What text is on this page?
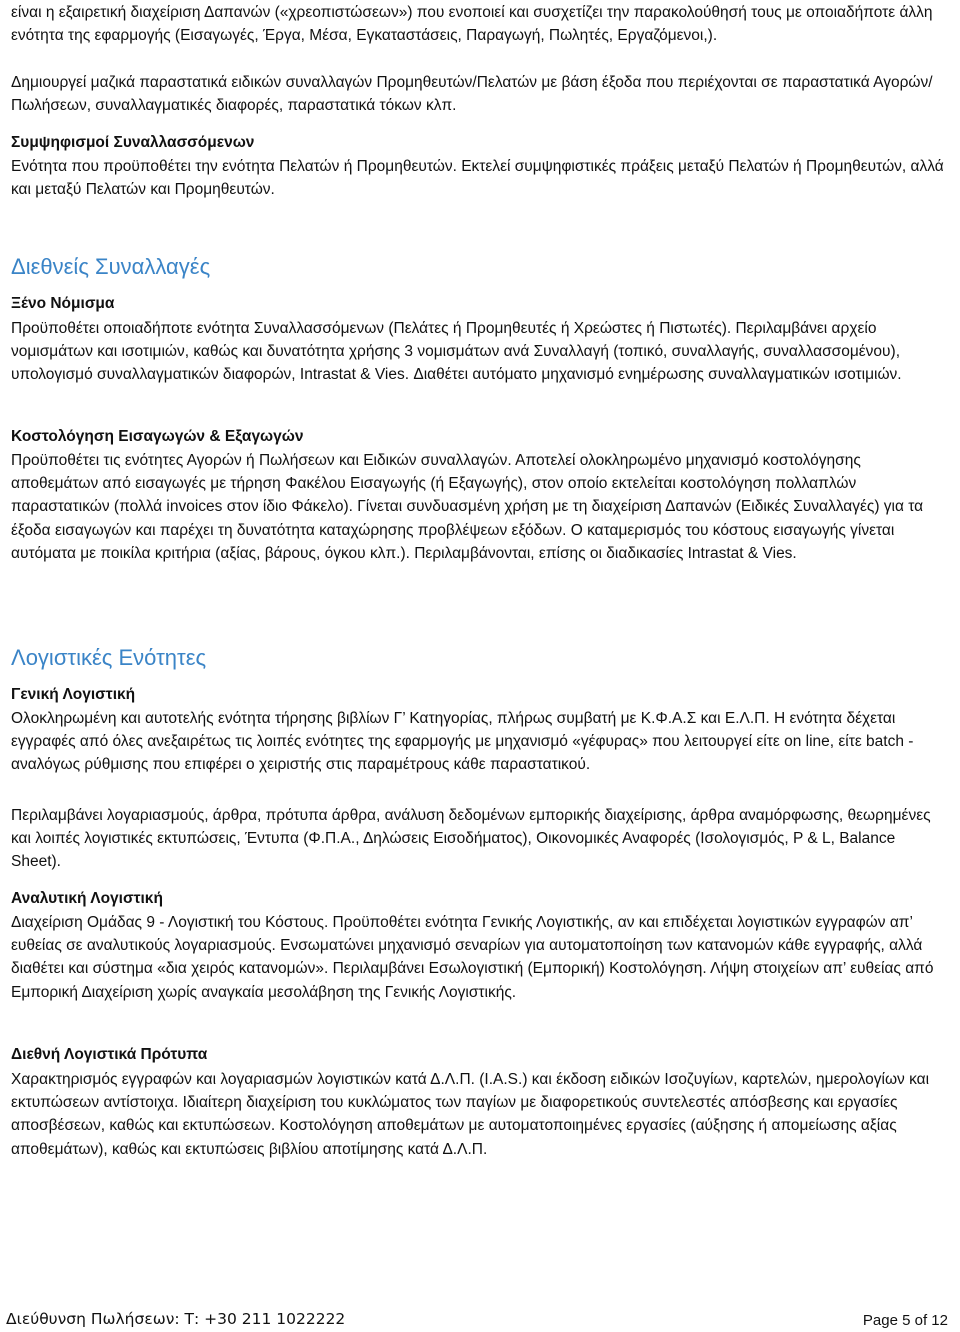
είναι η εξαιρετική διαχείριση Δαπανών («χρεοπιστώσεων») που ενοποιεί και συσχετίζει την παρακολούθησή τους με οποιαδήποτε άλλη ενότητα της εφαρμογής (Εισαγωγές, Έργα, Μέσα, Εγκαταστάσεις, Παραγωγή, Πωλητές, Εργαζόμενοι,).

Δημιουργεί μαζικά παραστατικά ειδικών συναλλαγών Προμηθευτών/Πελατών με βάση έξοδα που περιέχονται σε παραστατικά Αγορών/Πωλήσεων, συναλλαγματικές διαφορές, παραστατικά τόκων κλπ.

Συμψηφισμοί Συναλλασσόμενων

Ενότητα που προϋποθέτει την ενότητα Πελατών ή Προμηθευτών. Εκτελεί συμψηφιστικές πράξεις μεταξύ Πελατών ή Προμηθευτών, αλλά και μεταξύ Πελατών και Προμηθευτών.

Διεθνείς Συναλλαγές

Ξένο Νόμισμα

Προϋποθέτει οποιαδήποτε ενότητα Συναλλασσόμενων (Πελάτες ή Προμηθευτές ή Χρεώστες ή Πιστωτές). Περιλαμβάνει αρχείο νομισμάτων και ισοτιμιών, καθώς και δυνατότητα χρήσης 3 νομισμάτων ανά Συναλλαγή (τοπικό, συναλλαγής, συναλλασσομένου), υπολογισμό συναλλαγματικών διαφορών, Intrastat & Vies. Διαθέτει αυτόματο μηχανισμό ενημέρωσης συναλλαγματικών ισοτιμιών.

Κοστολόγηση Εισαγωγών & Εξαγωγών

Προϋποθέτει τις ενότητες Αγορών ή Πωλήσεων και Ειδικών συναλλαγών. Αποτελεί ολοκληρωμένο μηχανισμό κοστολόγησης αποθεμάτων από εισαγωγές με τήρηση Φακέλου Εισαγωγής (ή Εξαγωγής), στον οποίο εκτελείται κοστολόγηση πολλαπλών παραστατικών (πολλά invoices στον ίδιο Φάκελο). Γίνεται συνδυασμένη χρήση με τη διαχείριση Δαπανών (Ειδικές Συναλλαγές) για τα έξοδα εισαγωγών και παρέχει τη δυνατότητα καταχώρησης προβλέψεων εξόδων. Ο καταμερισμός του κόστους εισαγωγής γίνεται αυτόματα με ποικίλα κριτήρια (αξίας, βάρους, όγκου κλπ.). Περιλαμβάνονται, επίσης οι διαδικασίες Intrastat & Vies.

Λογιστικές Ενότητες

Γενική Λογιστική

Ολοκληρωμένη και αυτοτελής ενότητα τήρησης βιβλίων Γ’ Κατηγορίας, πλήρως συμβατή με Κ.Φ.Α.Σ και Ε.Λ.Π. Η ενότητα δέχεται εγγραφές από όλες ανεξαιρέτως τις λοιπές ενότητες της εφαρμογής με μηχανισμό «γέφυρας» που λειτουργεί είτε on line, είτε batch - αναλόγως ρύθμισης που επιφέρει ο χειριστής στις παραμέτρους κάθε παραστατικού.

Περιλαμβάνει λογαριασμούς, άρθρα, πρότυπα άρθρα, ανάλυση δεδομένων εμπορικής διαχείρισης, άρθρα αναμόρφωσης, θεωρημένες και λοιπές λογιστικές εκτυπώσεις, Έντυπα (Φ.Π.Α., Δηλώσεις Εισοδήματος), Οικονομικές Αναφορές (Ισολογισμός, P & L, Balance Sheet).

Αναλυτική Λογιστική

Διαχείριση Ομάδας 9 - Λογιστική του Κόστους. Προϋποθέτει ενότητα Γενικής Λογιστικής, αν και επιδέχεται λογιστικών εγγραφών απ’ ευθείας σε αναλυτικούς λογαριασμούς. Ενσωματώνει μηχανισμό σεναρίων για αυτοματοποίηση των κατανομών κάθε εγγραφής, αλλά διαθέτει και σύστημα «δια χειρός κατανομών». Περιλαμβάνει Εσωλογιστική (Εμπορική) Κοστολόγηση. Λήψη στοιχείων απ’ ευθείας από Εμπορική Διαχείριση χωρίς αναγκαία μεσολάβηση της Γενικής Λογιστικής.

Διεθνή Λογιστικά Πρότυπα

Χαρακτηρισμός εγγραφών και λογαριασμών λογιστικών κατά Δ.Λ.Π. (I.A.S.) και έκδοση ειδικών Ισοζυγίων, καρτελών, ημερολογίων και εκτυπώσεων αντίστοιχα. Ιδιαίτερη διαχείριση του κυκλώματος των παγίων με διαφορετικούς συντελεστές απόσβεσης και εργασίες αποσβέσεων, καθώς και εκτυπώσεων. Κοστολόγηση αποθεμάτων με αυτοματοποιημένες εργασίες (αύξησης ή απομείωσης αξίας αποθεμάτων), καθώς και εκτυπώσεις βιβλίου αποτίμησης κατά Δ.Λ.Π.

Διεύθυνση Πωλήσεων: Τ: +30 211 1022222	Page 5 of 12
